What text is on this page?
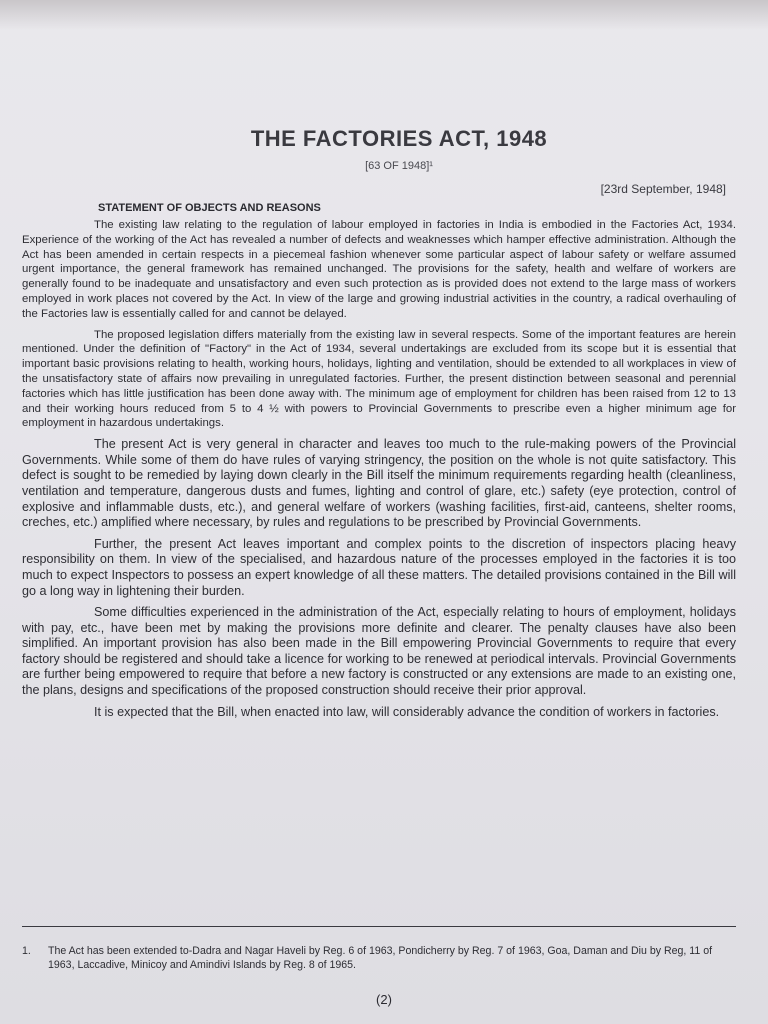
THE FACTORIES ACT, 1948
[63 OF 1948]¹
[23rd September, 1948]
STATEMENT OF OBJECTS AND REASONS

The existing law relating to the regulation of labour employed in factories in India is embodied in the Factories Act, 1934. Experience of the working of the Act has revealed a number of defects and weaknesses which hamper effective administration. Although the Act has been amended in certain respects in a piecemeal fashion whenever some particular aspect of labour safety or welfare assumed urgent importance, the general framework has remained unchanged. The provisions for the safety, health and welfare of workers are generally found to be inadequate and unsatisfactory and even such protection as is provided does not extend to the large mass of workers employed in work places not covered by the Act. In view of the large and growing industrial activities in the country, a radical overhauling of the Factories law is essentially called for and cannot be delayed.

The proposed legislation differs materially from the existing law in several respects. Some of the important features are herein mentioned. Under the definition of "Factory" in the Act of 1934, several undertakings are excluded from its scope but it is essential that important basic provisions relating to health, working hours, holidays, lighting and ventilation, should be extended to all workplaces in view of the unsatisfactory state of affairs now prevailing in unregulated factories. Further, the present distinction between seasonal and perennial factories which has little justification has been done away with. The minimum age of employment for children has been raised from 12 to 13 and their working hours reduced from 5 to 4 ½ with powers to Provincial Governments to prescribe even a higher minimum age for employment in hazardous undertakings.

The present Act is very general in character and leaves too much to the rule-making powers of the Provincial Governments. While some of them do have rules of varying stringency, the position on the whole is not quite satisfactory. This defect is sought to be remedied by laying down clearly in the Bill itself the minimum requirements regarding health (cleanliness, ventilation and temperature, dangerous dusts and fumes, lighting and control of glare, etc.) safety (eye protection, control of explosive and inflammable dusts, etc.), and general welfare of workers (washing facilities, first-aid, canteens, shelter rooms, creches, etc.) amplified where necessary, by rules and regulations to be prescribed by Provincial Governments.

Further, the present Act leaves important and complex points to the discretion of inspectors placing heavy responsibility on them. In view of the specialised, and hazardous nature of the processes employed in the factories it is too much to expect Inspectors to possess an expert knowledge of all these matters. The detailed provisions contained in the Bill will go a long way in lightening their burden.

Some difficulties experienced in the administration of the Act, especially relating to hours of employment, holidays with pay, etc., have been met by making the provisions more definite and clearer. The penalty clauses have also been simplified. An important provision has also been made in the Bill empowering Provincial Governments to require that every factory should be registered and should take a licence for working to be renewed at periodical intervals. Provincial Governments are further being empowered to require that before a new factory is constructed or any extensions are made to an existing one, the plans, designs and specifications of the proposed construction should receive their prior approval.

It is expected that the Bill, when enacted into law, will considerably advance the condition of workers in factories.

1.	The Act has been extended to-Dadra and Nagar Haveli by Reg. 6 of 1963, Pondicherry by Reg. 7 of 1963, Goa, Daman and Diu by Reg, 11 of 1963, Laccadive, Minicoy and Amindivi Islands by Reg. 8 of 1965.
(2)
